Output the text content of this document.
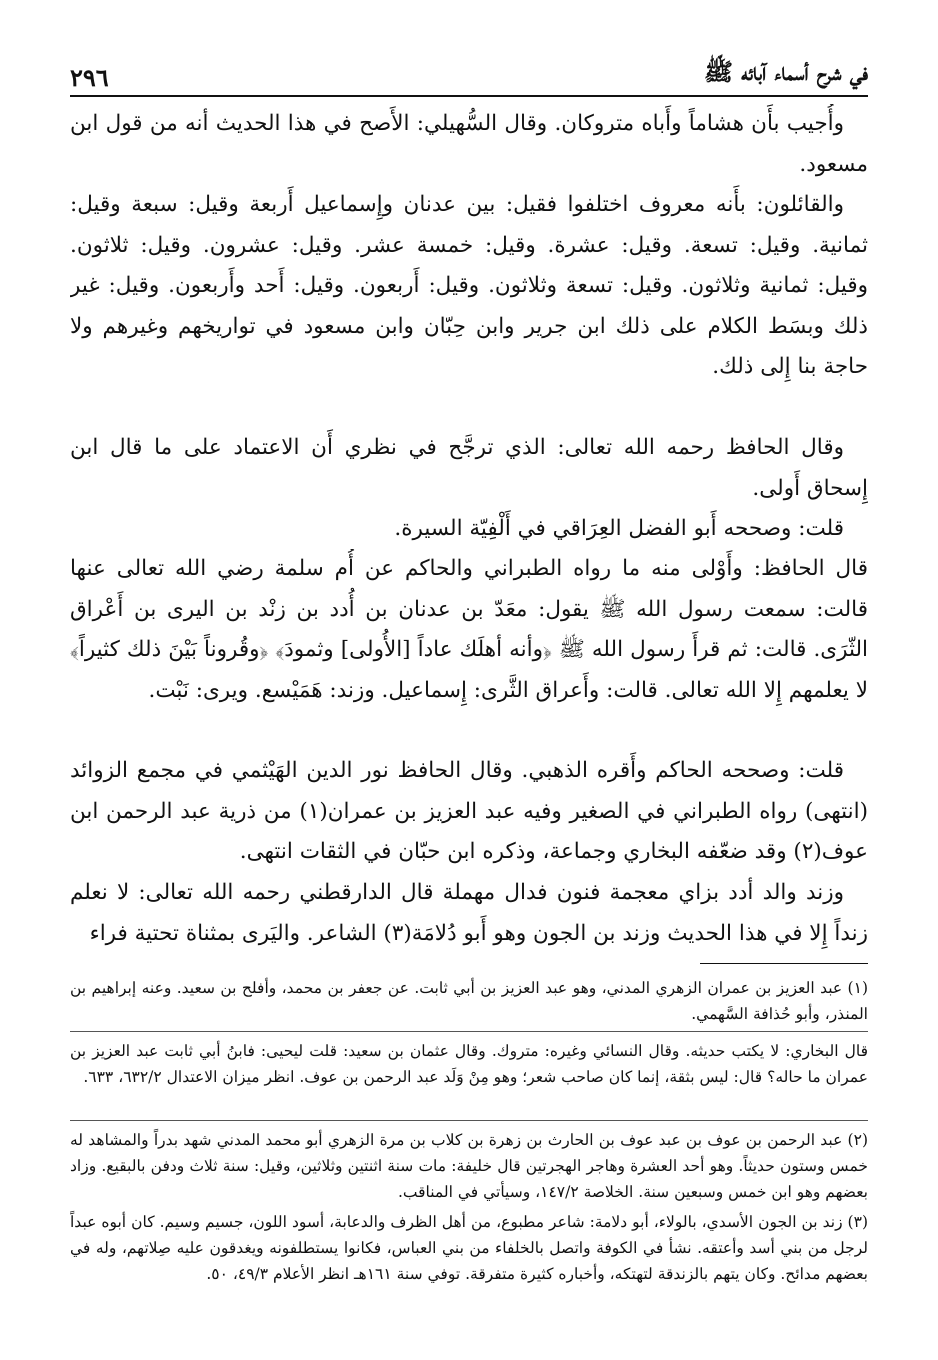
في شرح أسماء آبائه ﷺ
٢٩٦

وأُجيب بأَن هشاماً وأَباه متروكان. وقال السُّهيلي: الأَصح في هذا الحديث أنه من قول ابن مسعود.

والقائلون: بأَنه معروف اختلفوا فقيل: بين عدنان وإِسماعيل أَربعة وقيل: سبعة وقيل: ثمانية. وقيل: تسعة. وقيل: عشرة. وقيل: خمسة عشر. وقيل: عشرون. وقيل: ثلاثون. وقيل: ثمانية وثلاثون. وقيل: تسعة وثلاثون. وقيل: أَربعون. وقيل: أَحد وأَربعون. وقيل: غير ذلك وبسَط الكلام على ذلك ابن جرير وابن حِبّان وابن مسعود في تواريخهم وغيرهم ولا حاجة بنا إِلى ذلك.

وقال الحافظ رحمه الله تعالى: الذي ترجَّح في نظري أَن الاعتماد على ما قال ابن إِسحاق أَولى.

قلت: وصححه أَبو الفضل العِرَاقي في أَلْفِيّة السيرة.

قال الحافظ: وأَوْلى منه ما رواه الطبراني والحاكم عن أُم سلمة رضي الله تعالى عنها قالت: سمعت رسول الله ﷺ يقول: معَدّ بن عدنان بن أُدد بن زنْد بن اليرى بن أَعْراق الثّرَى. قالت: ثم قرأَ رسول الله ﷺ ﴿وأنه أهلَك عاداً [الأُولى] وثمودَ﴾ ﴿وقُروناً بَيْنَ ذلك كثيراً﴾ لا يعلمهم إِلا الله تعالى. قالت: وأَعراق الثَّرى: إِسماعيل. وزند: هَمَيْسع. ويرى: نَبْت.

قلت: وصححه الحاكم وأَقره الذهبي. وقال الحافظ نور الدين الهَيْثمي في مجمع الزوائد (انتهى) رواه الطبراني في الصغير وفيه عبد العزيز بن عمران(١) من ذرية عبد الرحمن ابن عوف(٢) وقد ضعّفه البخاري وجماعة، وذكره ابن حبّان في الثقات انتهى.

وزند والد أدد بزاي معجمة فنون فدال مهملة قال الدارقطني رحمه الله تعالى: لا نعلم زنداً إِلا في هذا الحديث وزند بن الجون وهو أَبو دُلامَة(٣) الشاعر. واليَرى بمثناة تحتية فراء

(١) عبد العزيز بن عمران الزهري المدني، وهو عبد العزيز بن أبي ثابت. عن جعفر بن محمد، وأفلح بن سعيد. وعنه إبراهيم بن المنذر، وأبو حُذافة السَّهمي.

قال البخاري: لا يكتب حديثه. وقال النسائي وغيره: متروك. وقال عثمان بن سعيد: قلت ليحيى: فابنُ أبي ثابت عبد العزيز بن عمران ما حاله؟ قال: ليس بثقة، إنما كان صاحب شعر؛ وهو مِنْ وَلَد عبد الرحمن بن عوف. انظر ميزان الاعتدال ٦٣٢/٢، ٦٣٣.

(٢) عبد الرحمن بن عوف بن عبد عوف بن الحارث بن زهرة بن كلاب بن مرة الزهري أبو محمد المدني شهد بدراً والمشاهد له خمس وستون حديثاً. وهو أحد العشرة وهاجر الهجرتين قال خليفة: مات سنة اثنتين وثلاثين، وقيل: سنة ثلاث ودفن بالبقيع. وزاد بعضهم وهو ابن خمس وسبعين سنة. الخلاصة ١٤٧/٢، وسيأتي في المناقب.

(٣) زند بن الجون الأسدي، بالولاء، أبو دلامة: شاعر مطبوع، من أهل الظرف والدعابة، أسود اللون، جسيم وسيم. كان أبوه عبداً لرجل من بني أسد وأعتقه. نشأ في الكوفة واتصل بالخلفاء من بني العباس، فكانوا يستطلفونه ويغدقون عليه صِلاتهم، وله في بعضهم مدائح. وكان يتهم بالزندقة لتهتكه، وأخباره كثيرة متفرقة. توفي سنة ١٦١هـ انظر الأعلام ٤٩/٣، ٥٠.
